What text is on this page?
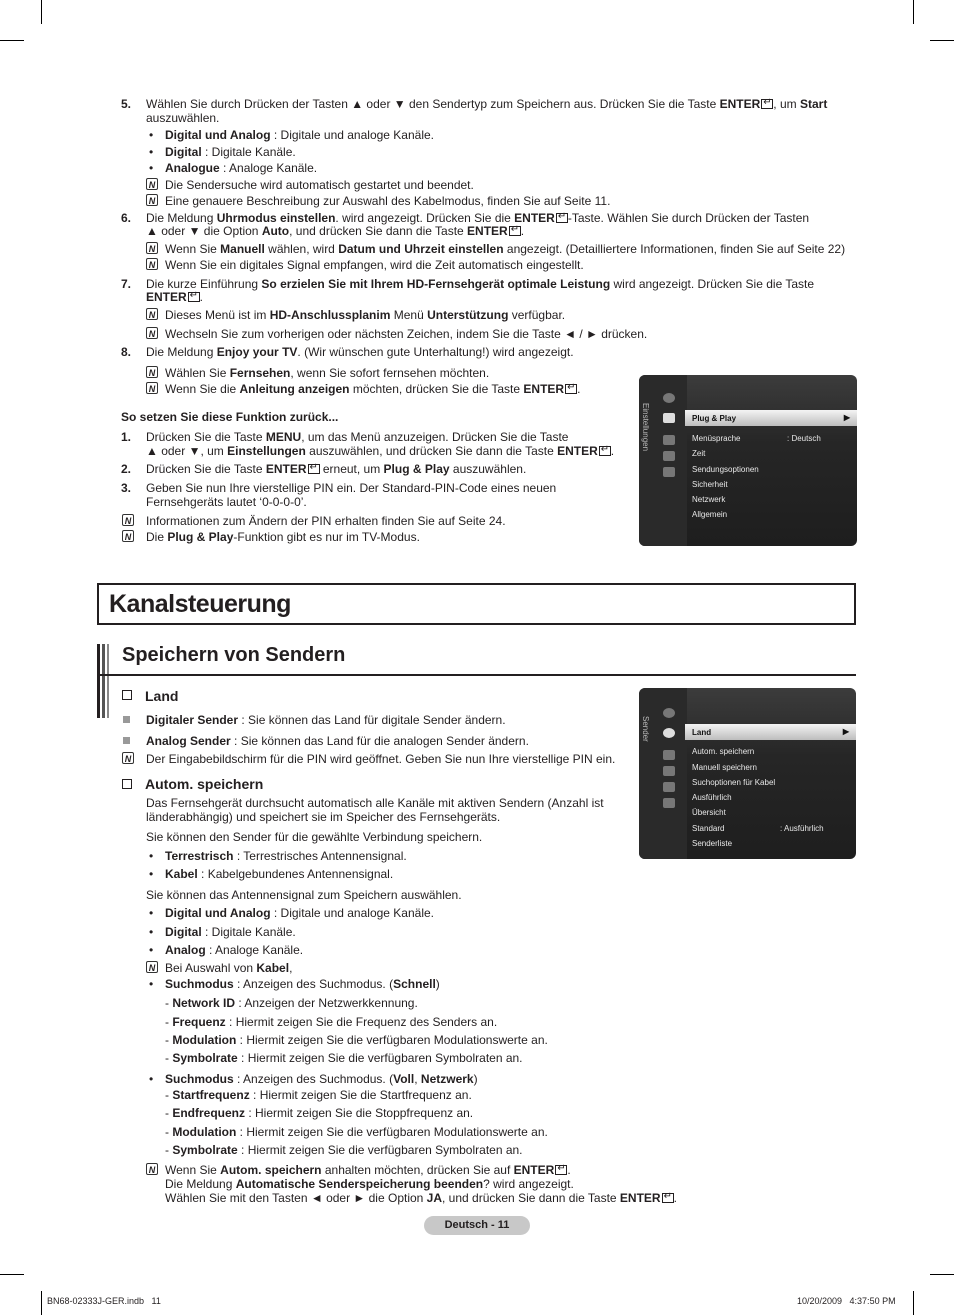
5. Wählen Sie durch Drücken der Tasten ▲ oder ▼ den Sendertyp zum Speichern aus. Drücken Sie die Taste ENTER ↵ , um Start
auszuwählen.
• Digital und Analog : Digitale und analoge Kanäle.
• Digital : Digitale Kanäle.
• Analogue : Analoge Kanäle.
N Die Sendersuche wird automatisch gestartet und beendet.
N Eine genauere Beschreibung zur Auswahl des Kabelmodus, finden Sie auf Seite 11.
6. Die Meldung Uhrmodus einstellen. wird angezeigt. Drücken Sie die ENTER ↵ -Taste. Wählen Sie durch Drücken der Tasten
▲ oder ▼ die Option Auto, und drücken Sie dann die Taste ENTER ↵ .
N Wenn Sie Manuell wählen, wird Datum und Uhrzeit einstellen angezeigt. (Detailliertere Informationen, finden Sie auf Seite 22)
N Wenn Sie ein digitales Signal empfangen, wird die Zeit automatisch eingestellt.
7. Die kurze Einführung So erzielen Sie mit Ihrem HD-Fernsehgerät optimale Leistung wird angezeigt. Drücken Sie die Taste
ENTER ↵ .
N Dieses Menü ist im HD-Anschlussplanim Menü Unterstützung verfügbar.
N Wechseln Sie zum vorherigen oder nächsten Zeichen, indem Sie die Taste ◄ / ► drücken.
8. Die Meldung Enjoy your TV. (Wir wünschen gute Unterhaltung!) wird angezeigt.
N Wählen Sie Fernsehen, wenn Sie sofort fernsehen möchten.
N Wenn Sie die Anleitung anzeigen möchten, drücken Sie die Taste ENTER ↵ .
So setzen Sie diese Funktion zurück...
1. Drücken Sie die Taste MENU, um das Menü anzuzeigen. Drücken Sie die Taste
▲ oder ▼, um Einstellungen auszuwählen, und drücken Sie dann die Taste ENTER ↵ .
2. Drücken Sie die Taste ENTER↵ erneut, um Plug & Play auszuwählen.
3. Geben Sie nun Ihre vierstellige PIN ein. Der Standard-PIN-Code eines neuen
Fernsehgeräts lautet ‘0-0-0-0’.
N Informationen zum Ändern der PIN erhalten finden Sie auf Seite 24.
N Die Plug & Play-Funktion gibt es nur im TV-Modus.
Einstellungen	Plug & Play	▶
Menüsprache	: Deutsch
Zeit
Sendungsoptionen
Sicherheit
Netzwerk
Allgemein
Kanalsteuerung
Speichern von Sendern
Land
Digitaler Sender : Sie können das Land für digitale Sender ändern.
Analog Sender : Sie können das Land für die analogen Sender ändern.
N Der Eingabebildschirm für die PIN wird geöffnet. Geben Sie nun Ihre vierstellige PIN ein.
Autom. speichern
Das Fernsehgerät durchsucht automatisch alle Kanäle mit aktiven Sendern (Anzahl ist
länderabhängig) und speichert sie im Speicher des Fernsehgeräts.
Sie können den Sender für die gewählte Verbindung speichern.
• Terrestrisch : Terrestrisches Antennensignal.
• Kabel : Kabelgebundenes Antennensignal.
Sie können das Antennensignal zum Speichern auswählen.
• Digital und Analog : Digitale und analoge Kanäle.
• Digital : Digitale Kanäle.
• Analog : Analoge Kanäle.
N Bei Auswahl von Kabel,
• Suchmodus : Anzeigen des Suchmodus. (Schnell)
- Network ID : Anzeigen der Netzwerkkennung.
- Frequenz : Hiermit zeigen Sie die Frequenz des Senders an.
- Modulation : Hiermit zeigen Sie die verfügbaren Modulationswerte an.
- Symbolrate : Hiermit zeigen Sie die verfügbaren Symbolraten an.
• Suchmodus : Anzeigen des Suchmodus. (Voll, Netzwerk)
- Startfrequenz : Hiermit zeigen Sie die Startfrequenz an.
- Endfrequenz : Hiermit zeigen Sie die Stoppfrequenz an.
- Modulation : Hiermit zeigen Sie die verfügbaren Modulationswerte an.
- Symbolrate : Hiermit zeigen Sie die verfügbaren Symbolraten an.
N Wenn Sie Autom. speichern anhalten möchten, drücken Sie auf ENTER ↵ .
Die Meldung Automatische Senderspeicherung beenden? wird angezeigt.
Wählen Sie mit den Tasten ◄ oder ► die Option JA, und drücken Sie dann die Taste ENTER ↵ .
Sender	Land	▶
Autom. speichern
Manuell speichern
Suchoptionen für Kabel
Ausführlich
Übersicht
Standard	: Ausführlich
Senderliste
Deutsch - 11
BN68-02333J-GER.indb   11	10/20/2009   4:37:50 PM
